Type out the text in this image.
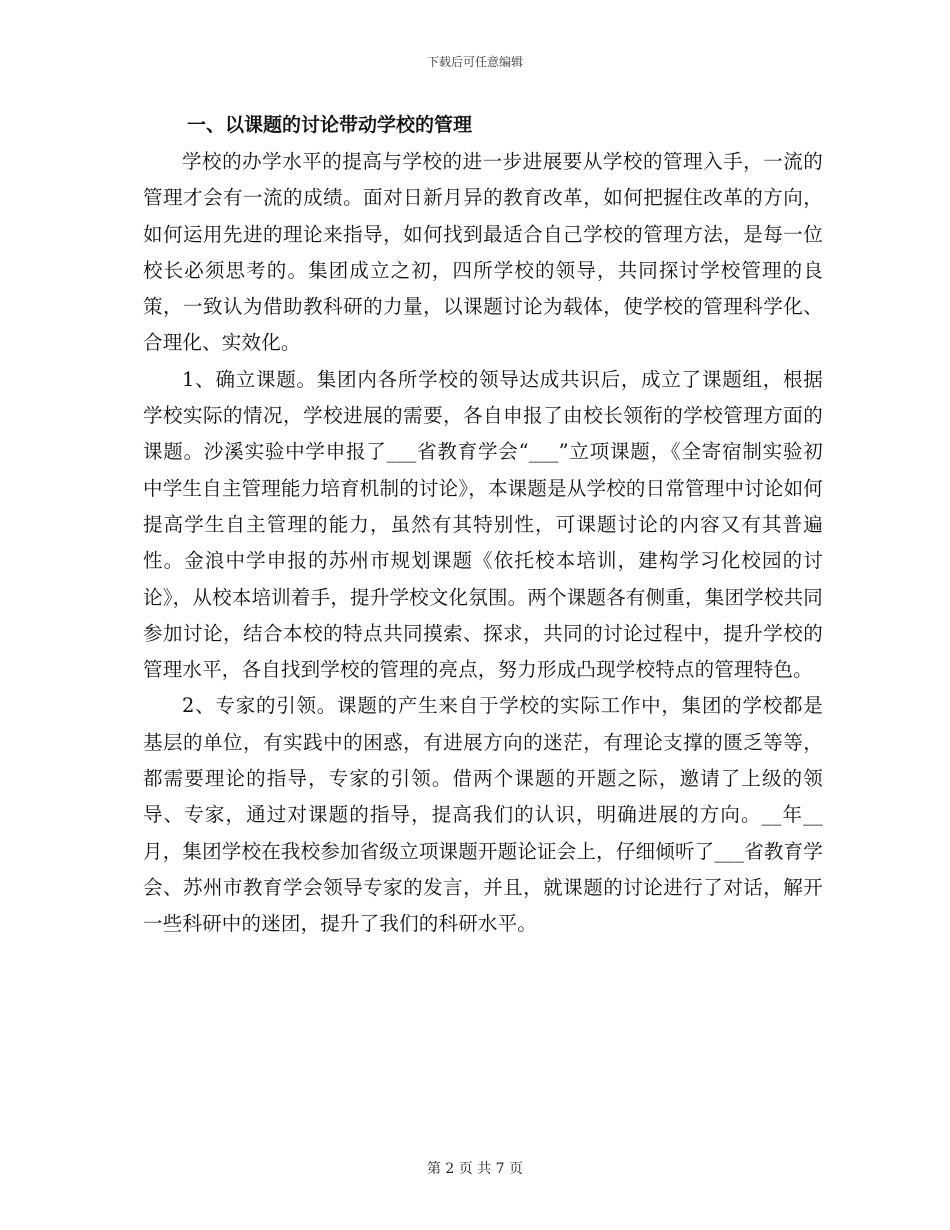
下载后可任意编辑
一、以课题的讨论带动学校的管理

学校的办学水平的提高与学校的进一步进展要从学校的管理入手，一流的管理才会有一流的成绩。面对日新月异的教育改革，如何把握住改革的方向，如何运用先进的理论来指导，如何找到最适合自己学校的管理方法，是每一位校长必须思考的。集团成立之初，四所学校的领导，共同探讨学校管理的良策，一致认为借助教科研的力量，以课题讨论为载体，使学校的管理科学化、合理化、实效化。

1、确立课题。集团内各所学校的领导达成共识后，成立了课题组，根据学校实际的情况，学校进展的需要，各自申报了由校长领衔的学校管理方面的课题。沙溪实验中学申报了___省教育学会“___”立项课题，《全寄宿制实验初中学生自主管理能力培育机制的讨论》，本课题是从学校的日常管理中讨论如何提高学生自主管理的能力，虽然有其特别性，可课题讨论的内容又有其普遍性。金浪中学申报的苏州市规划课题《依托校本培训，建构学习化校园的讨论》，从校本培训着手，提升学校文化氛围。两个课题各有侧重，集团学校共同参加讨论，结合本校的特点共同摸索、探求，共同的讨论过程中，提升学校的管理水平，各自找到学校的管理的亮点，努力形成凸现学校特点的管理特色。

2、专家的引领。课题的产生来自于学校的实际工作中，集团的学校都是基层的单位，有实践中的困惑，有进展方向的迷茫，有理论支撑的匮乏等等，都需要理论的指导，专家的引领。借两个课题的开题之际，邀请了上级的领导、专家，通过对课题的指导，提高我们的认识，明确进展的方向。__年__月，集团学校在我校参加省级立项课题开题论证会上，仔细倾听了___省教育学会、苏州市教育学会领导专家的发言，并且，就课题的讨论进行了对话，解开一些科研中的迷团，提升了我们的科研水平。

第 2 页 共 7 页
